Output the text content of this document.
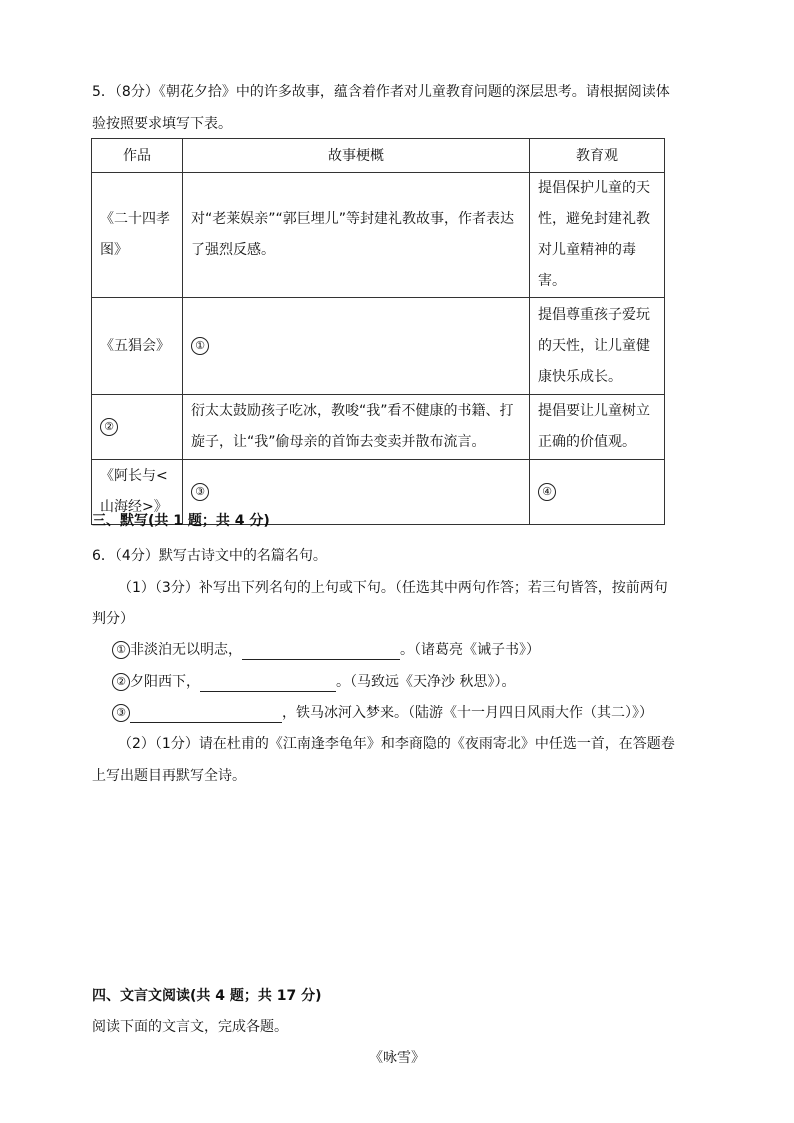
5．（8分）《朝花夕拾》中的许多故事，蕴含着作者对儿童教育问题的深层思考。请根据阅读体
验按照要求填写下表。
作品	故事梗概	教育观
《二十四孝图》	对“老莱娱亲”“郭巨埋儿”等封建礼教故事，作者表达了强烈反感。	提倡保护儿童的天性，避免封建礼教对儿童精神的毒害。
《五猖会》	①	提倡尊重孩子爱玩的天性，让儿童健康快乐成长。
②	衍太太鼓励孩子吃冰，教唆“我”看不健康的书籍、打旋子，让“我”偷母亲的首饰去变卖并散布流言。	提倡要让儿童树立正确的价值观。
《阿长与<山海经>》	③	④
三、默写(共 1 题；共 4 分)
6．（4分）默写古诗文中的名篇名句。
（1）（3分）补写出下列名句的上句或下句。（任选其中两句作答；若三句皆答，按前两句
判分）
① 非淡泊无以明志，	。（诸葛亮《诫子书》）
② 夕阳西下，	。（马致远《天净沙 秋思》）。
③	，铁马冰河入梦来。（陆游《十一月四日风雨大作（其二）》）
（2）（1分）请在杜甫的《江南逢李龟年》和李商隐的《夜雨寄北》中任选一首，在答题卷
上写出题目再默写全诗。
四、文言文阅读(共 4 题；共 17 分)
阅读下面的文言文，完成各题。
《咏雪》
